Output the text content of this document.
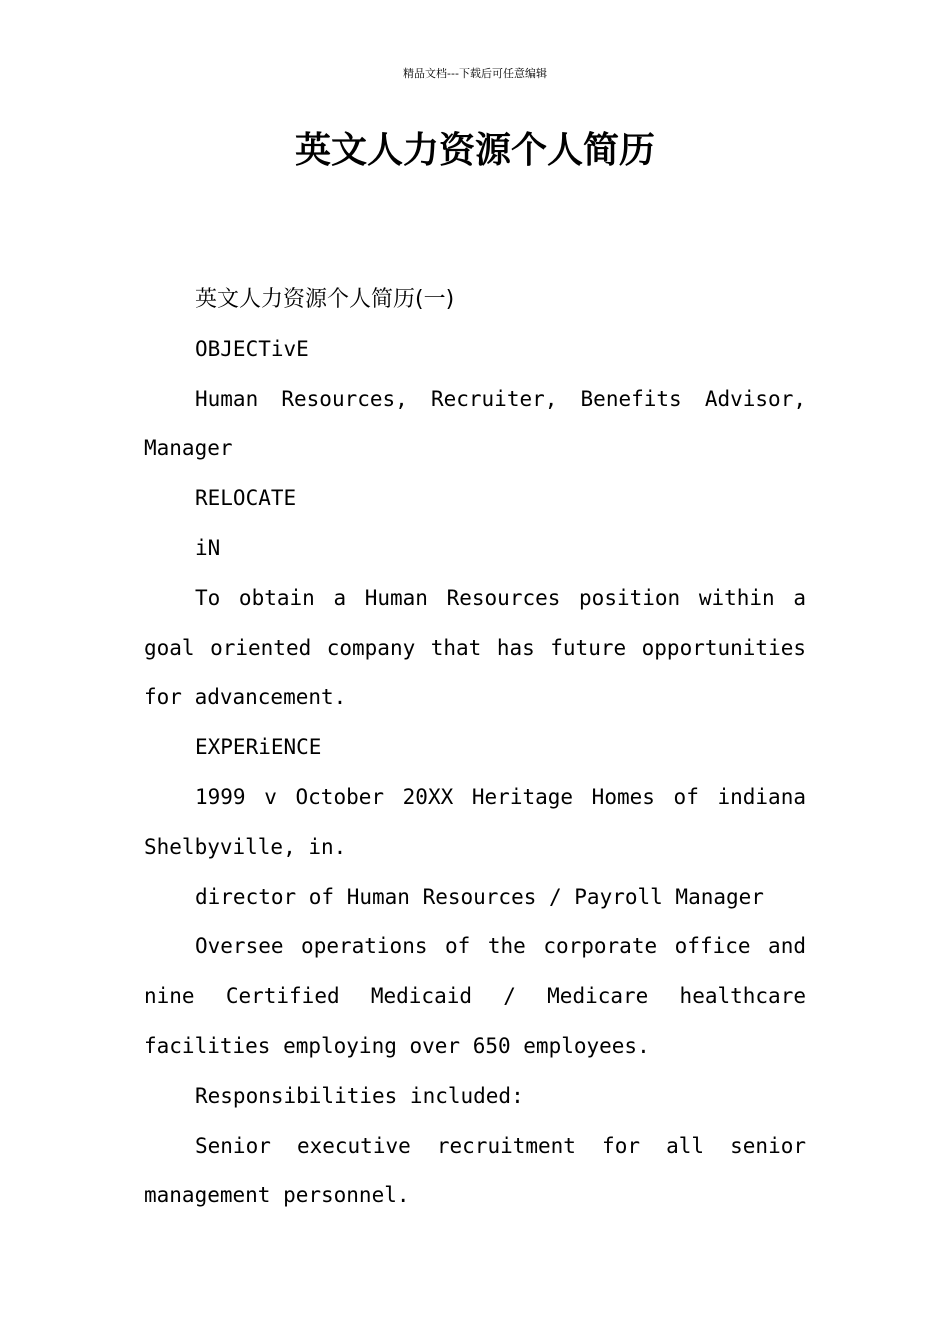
精品文档---下载后可任意编辑
英文人力资源个人简历

英文人力资源个人简历(一)

OBJECTivE

Human Resources, Recruiter, Benefits Advisor, Manager

RELOCATE

iN

To obtain a Human Resources position within a goal oriented company that has future opportunities for advancement.

EXPERiENCE

1999 v October 20XX Heritage Homes of indiana Shelbyville, in.

director of Human Resources / Payroll Manager

Oversee operations of the corporate office and nine Certified Medicaid / Medicare healthcare facilities employing over 650 employees.

Responsibilities included:

Senior executive recruitment for all senior management personnel.
